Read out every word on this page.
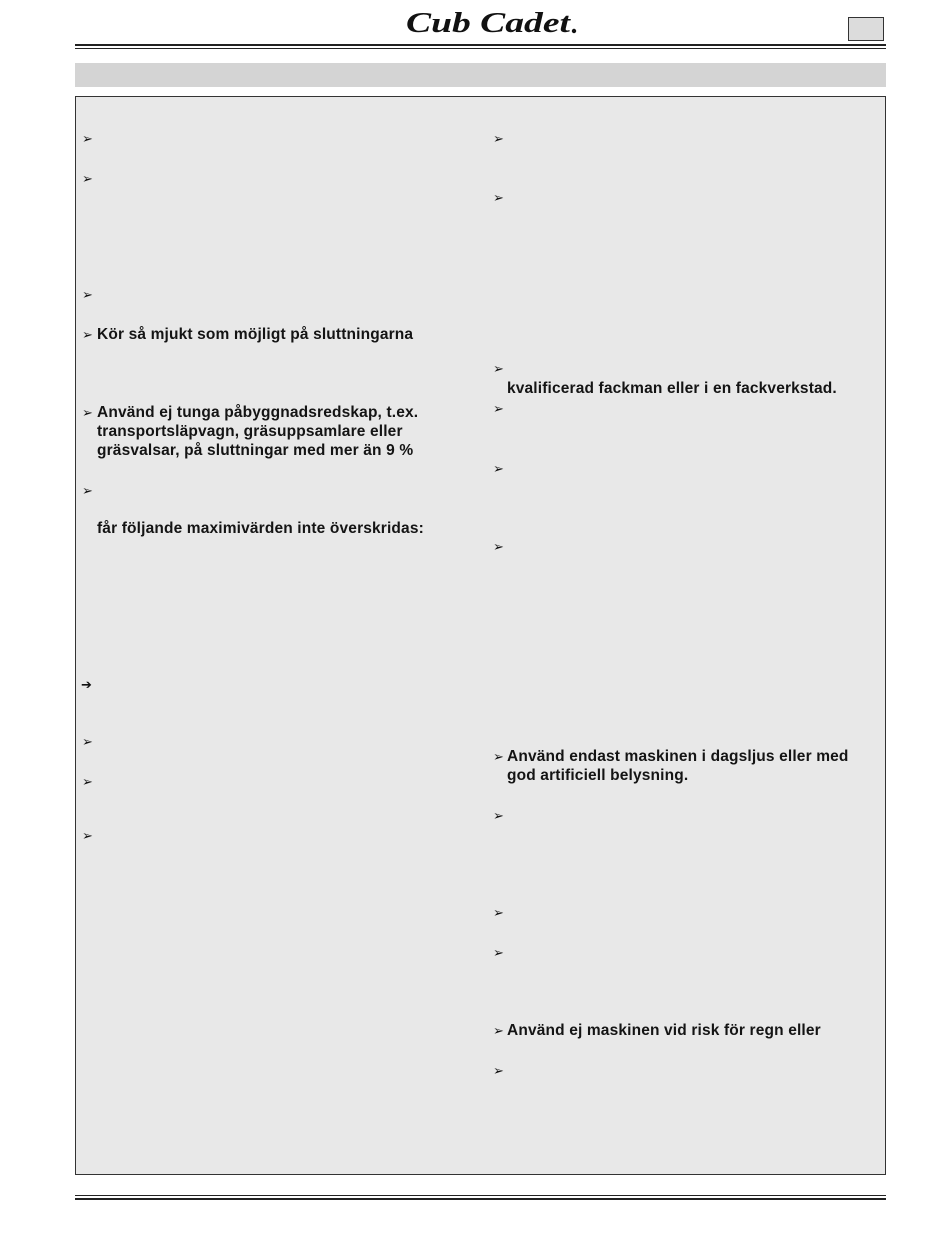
Cub Cadet
➢
➢
➢
➢ Kör så mjukt som möjligt på sluttningarna
➢ Använd ej tunga påbyggnadsredskap, t.ex.
transportsläpvagn, gräsuppsamlare eller
gräsvalsar, på sluttningar med mer än 9 %
➢
får följande maximivärden inte överskridas:
➔
➢
➢
➢
➢
➢
➢
kvalificerad fackman eller i en fackverkstad.
➢
➢
➢
➢ Använd endast maskinen i dagsljus eller med
god artificiell belysning.
➢
➢
➢
➢ Använd ej maskinen vid risk för regn eller
➢
